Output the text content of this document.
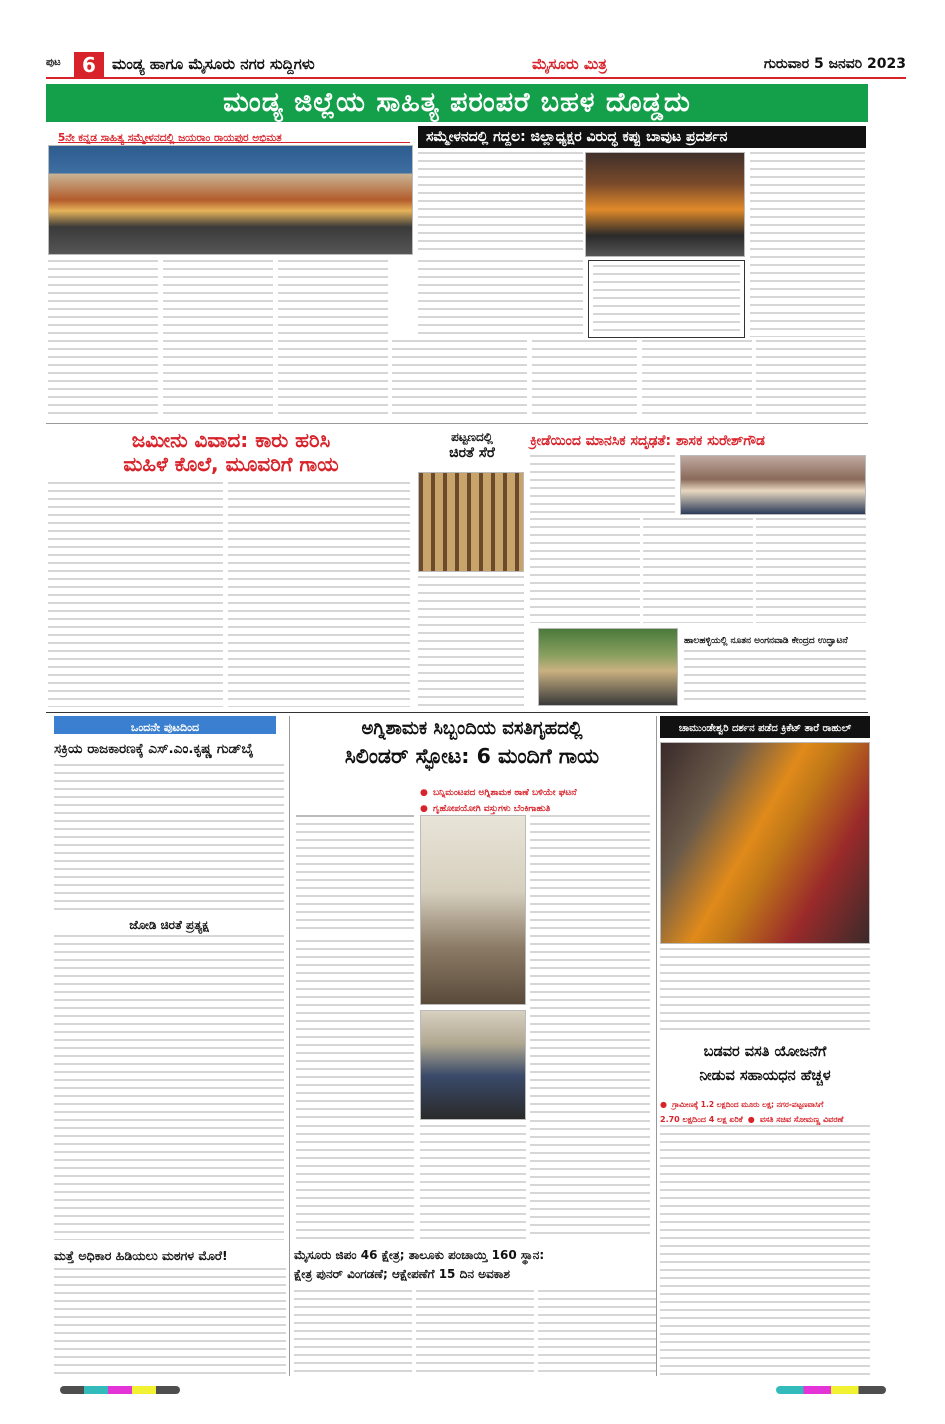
ಪುಟ	6	ಮಂಡ್ಯ ಹಾಗೂ ಮೈಸೂರು ನಗರ ಸುದ್ದಿಗಳು	ಮೈಸೂರು ಮಿತ್ರ	ಗುರುವಾರ 5 ಜನವರಿ 2023
ಮಂಡ್ಯ ಜಿಲ್ಲೆಯ ಸಾಹಿತ್ಯ ಪರಂಪರೆ ಬಹಳ ದೊಡ್ಡದು
5ನೇ ಕನ್ನಡ ಸಾಹಿತ್ಯ ಸಮ್ಮೇಳನದಲ್ಲಿ ಜಯರಾಂ ರಾಯಪುರ ಅಭಿಮತ	ಸಮ್ಮೇಳನದಲ್ಲಿ ಗದ್ದಲ: ಜಿಲ್ಲಾಧ್ಯಕ್ಷರ ವಿರುದ್ಧ ಕಪ್ಪು ಬಾವುಟ ಪ್ರದರ್ಶನ
ಜಮೀನು ವಿವಾದ: ಕಾರು ಹರಿಸಿ
ಮಹಿಳೆ ಕೊಲೆ, ಮೂವರಿಗೆ ಗಾಯ
ಪಟ್ಟಣದಲ್ಲಿ
ಚಿರತೆ ಸೆರೆ
ಕ್ರೀಡೆಯಿಂದ ಮಾನಸಿಕ ಸದೃಢತೆ: ಶಾಸಕ ಸುರೇಶ್‌ಗೌಡ
ಹಾಲಹಳ್ಳಿಯಲ್ಲಿ ನೂತನ ಅಂಗನವಾಡಿ ಕೇಂದ್ರದ ಉದ್ಘಾಟನೆ
ಒಂದನೇ ಪುಟದಿಂದ
ಸಕ್ರಿಯ ರಾಜಕಾರಣಕ್ಕೆ ಎಸ್.ಎಂ.ಕೃಷ್ಣ ಗುಡ್‌ಬೈ
ಜೋಡಿ ಚಿರತೆ ಪ್ರತ್ಯಕ್ಷ
ಮತ್ತೆ ಅಧಿಕಾರ ಹಿಡಿಯಲು ಮಠಗಳ ಮೊರೆ!
ಅಗ್ನಿಶಾಮಕ ಸಿಬ್ಬಂದಿಯ ವಸತಿಗೃಹದಲ್ಲಿ
ಸಿಲಿಂಡರ್ ಸ್ಫೋಟ: 6 ಮಂದಿಗೆ ಗಾಯ
● ಬನ್ನಿಮಂಟಪದ ಅಗ್ನಿಶಾಮಕ ಠಾಣೆ ಬಳಿಯೇ ಘಟನೆ
● ಗೃಹೋಪಯೋಗಿ ವಸ್ತುಗಳು ಬೆಂಕಿಗಾಹುತಿ
ಮೈಸೂರು ಜಿಪಂ 46 ಕ್ಷೇತ್ರ; ತಾಲೂಕು ಪಂಚಾಯ್ತಿ 160 ಸ್ಥಾನ:
ಕ್ಷೇತ್ರ ಪುನರ್ ವಿಂಗಡಣೆ; ಆಕ್ಷೇಪಣೆಗೆ 15 ದಿನ ಅವಕಾಶ
ಚಾಮುಂಡೇಶ್ವರಿ ದರ್ಶನ ಪಡೆದ ಕ್ರಿಕೆಟ್ ತಾರೆ ರಾಹುಲ್
ಬಡವರ ವಸತಿ ಯೋಜನೆಗೆ
ನೀಡುವ ಸಹಾಯಧನ ಹೆಚ್ಚಳ
● ಗ್ರಾಮೀಣಕ್ಕೆ 1.2 ಲಕ್ಷದಿಂದ ಮೂರು ಲಕ್ಷ; ನಗರ-ಪಟ್ಟಣವಾಸಿಗೆ
2.70 ಲಕ್ಷದಿಂದ 4 ಲಕ್ಷ ಏರಿಕೆ ● ವಸತಿ ಸಚಿವ ಸೋಮಣ್ಣ ವಿವರಣೆ
